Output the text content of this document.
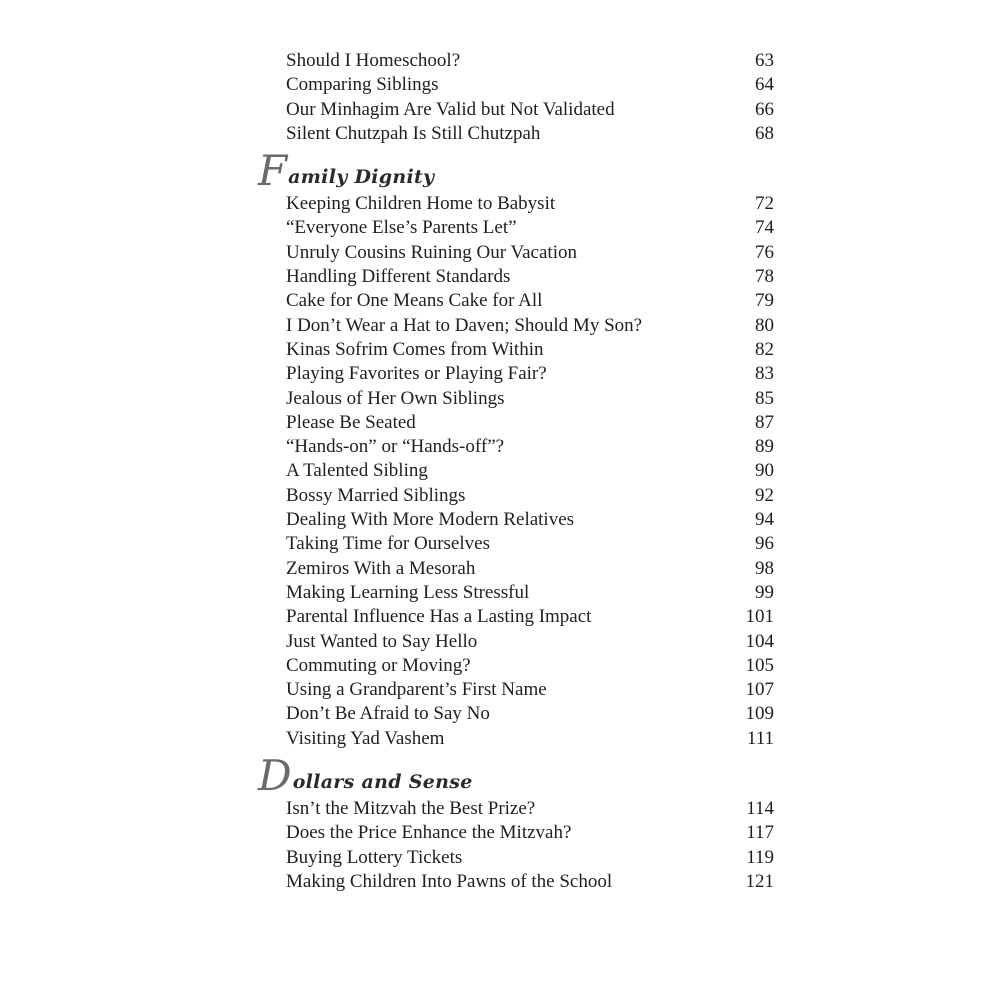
Should I Homeschool?	63
Comparing Siblings	64
Our Minhagim Are Valid but Not Validated	66
Silent Chutzpah Is Still Chutzpah	68
F amily Dignity
Keeping Children Home to Babysit	72
“Everyone Else’s Parents Let”	74
Unruly Cousins Ruining Our Vacation	76
Handling Different Standards	78
Cake for One Means Cake for All	79
I Don’t Wear a Hat to Daven; Should My Son?	80
Kinas Sofrim Comes from Within	82
Playing Favorites or Playing Fair?	83
Jealous of Her Own Siblings	85
Please Be Seated	87
“Hands-on” or “Hands-off”?	89
A Talented Sibling	90
Bossy Married Siblings	92
Dealing With More Modern Relatives	94
Taking Time for Ourselves	96
Zemiros With a Mesorah	98
Making Learning Less Stressful	99
Parental Influence Has a Lasting Impact	101
Just Wanted to Say Hello	104
Commuting or Moving?	105
Using a Grandparent’s First Name	107
Don’t Be Afraid to Say No	109
Visiting Yad Vashem	111
D ollars and Sense
Isn’t the Mitzvah the Best Prize?	114
Does the Price Enhance the Mitzvah?	117
Buying Lottery Tickets	119
Making Children Into Pawns of the School	121
